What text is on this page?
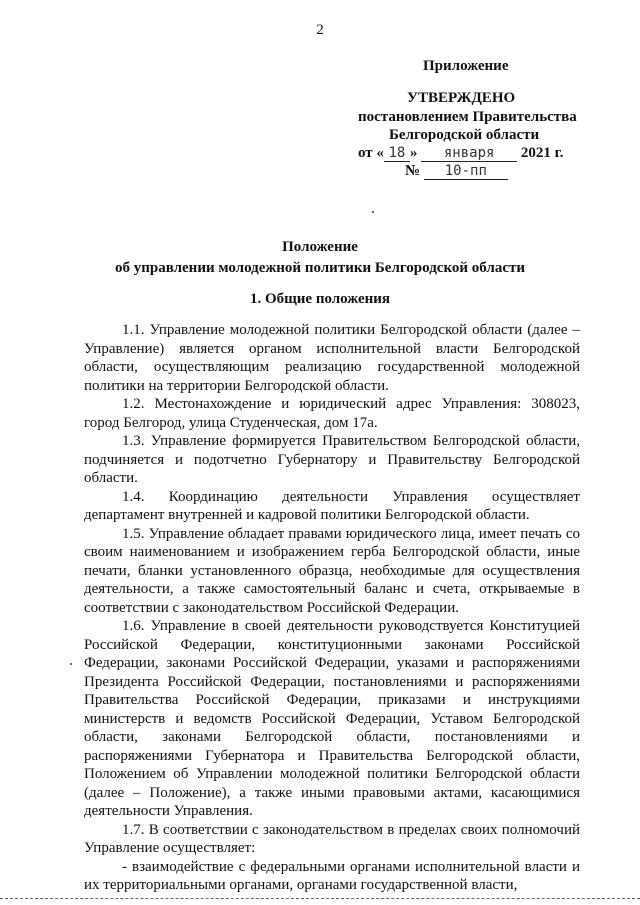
2
Приложение
УТВЕРЖДЕНО
постановлением Правительства
Белгородской области
от « 18 » января 2021 г.
№ 10-пп
Положение
об управлении молодежной политики Белгородской области
1. Общие положения

1.1. Управление молодежной политики Белгородской области (далее – Управление) является органом исполнительной власти Белгородской области, осуществляющим реализацию государственной молодежной политики на территории Белгородской области.

1.2. Местонахождение и юридический адрес Управления: 308023, город Белгород, улица Студенческая, дом 17а.

1.3. Управление формируется Правительством Белгородской области, подчиняется и подотчетно Губернатору и Правительству Белгородской области.

1.4. Координацию деятельности Управления осуществляет департамент внутренней и кадровой политики Белгородской области.

1.5. Управление обладает правами юридического лица, имеет печать со своим наименованием и изображением герба Белгородской области, иные печати, бланки установленного образца, необходимые для осуществления деятельности, а также самостоятельный баланс и счета, открываемые в соответствии с законодательством Российской Федерации.

1.6. Управление в своей деятельности руководствуется Конституцией Российской Федерации, конституционными законами Российской Федерации, законами Российской Федерации, указами и распоряжениями Президента Российской Федерации, постановлениями и распоряжениями Правительства Российской Федерации, приказами и инструкциями министерств и ведомств Российской Федерации, Уставом Белгородской области, законами Белгородской области, постановлениями и распоряжениями Губернатора и Правительства Белгородской области, Положением об Управлении молодежной политики Белгородской области (далее – Положение), а также иными правовыми актами, касающимися деятельности Управления.

1.7. В соответствии с законодательством в пределах своих полномочий Управление осуществляет:

- взаимодействие с федеральными органами исполнительной власти и их территориальными органами, органами государственной власти,
